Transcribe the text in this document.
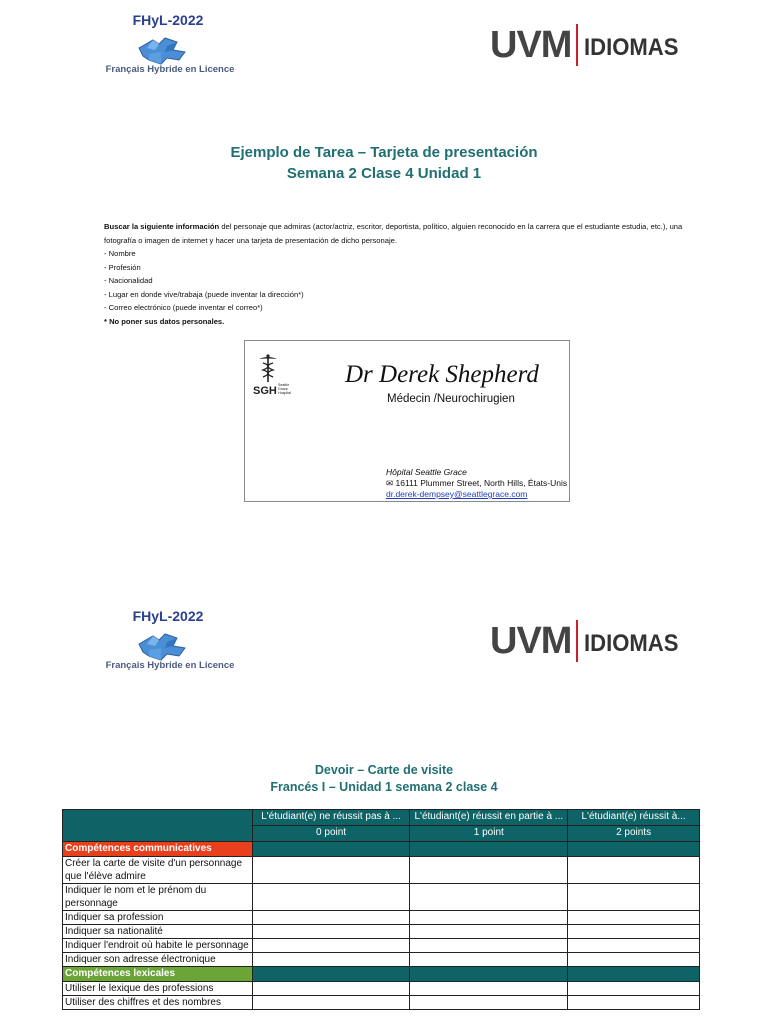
FHyL-2022
Français Hybride en Licence
UVM IDIOMAS
Ejemplo de Tarea – Tarjeta de presentación
Semana 2 Clase 4 Unidad 1
Buscar la siguiente información del personaje que admiras (actor/actriz, escritor, deportista, político, alguien reconocido en la carrera que el estudiante estudia, etc.), una
fotografía o imagen de internet y hacer una tarjeta de presentación de dicho personaje.
- Nombre
- Profesión
- Nacionalidad
- Lugar en donde vive/trabaja (puede inventar la dirección*)
- Correo electrónico (puede inventar el correo*)
* No poner sus datos personales.
SGH Seattle Grace Hospital
Dr Derek Shepherd
Médecin /Neurochirugien
Hôpital Seattle Grace
✉ 16111 Plummer Street, North Hills, États-Unis
dr.derek-dempsey@seattlegrace.com
FHyL-2022
Français Hybride en Licence
UVM IDIOMAS
Devoir – Carte de visite
Francés I – Unidad 1 semana 2 clase 4
	L'étudiant(e) ne réussit pas à ...	L'étudiant(e) réussit en partie à ...	L'étudiant(e) réussit à...
	0 point	1 point	2 points
Compétences communicatives			
Créer la carte de visite d'un personnage que l'élève admire			
Indiquer le nom et le prénom du personnage			
Indiquer sa profession			
Indiquer sa nationalité			
Indiquer l'endroit où habite le personnage			
Indiquer son adresse électronique			
Compétences lexicales			
Utiliser le lexique des professions			
Utiliser des chiffres et des nombres			
